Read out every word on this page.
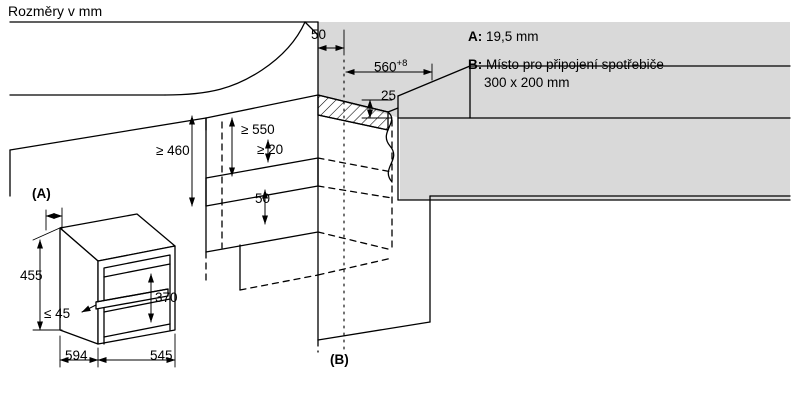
Rozměry v mm
50
$560^{+8}$
25
≥ 550
≥ 20
≥ 460
50
455
370
≤ 45
594	545
(A)
(B)
A: 19,5 mm
B: Místo pro připojení spotřebiče
300 x 200 mm
